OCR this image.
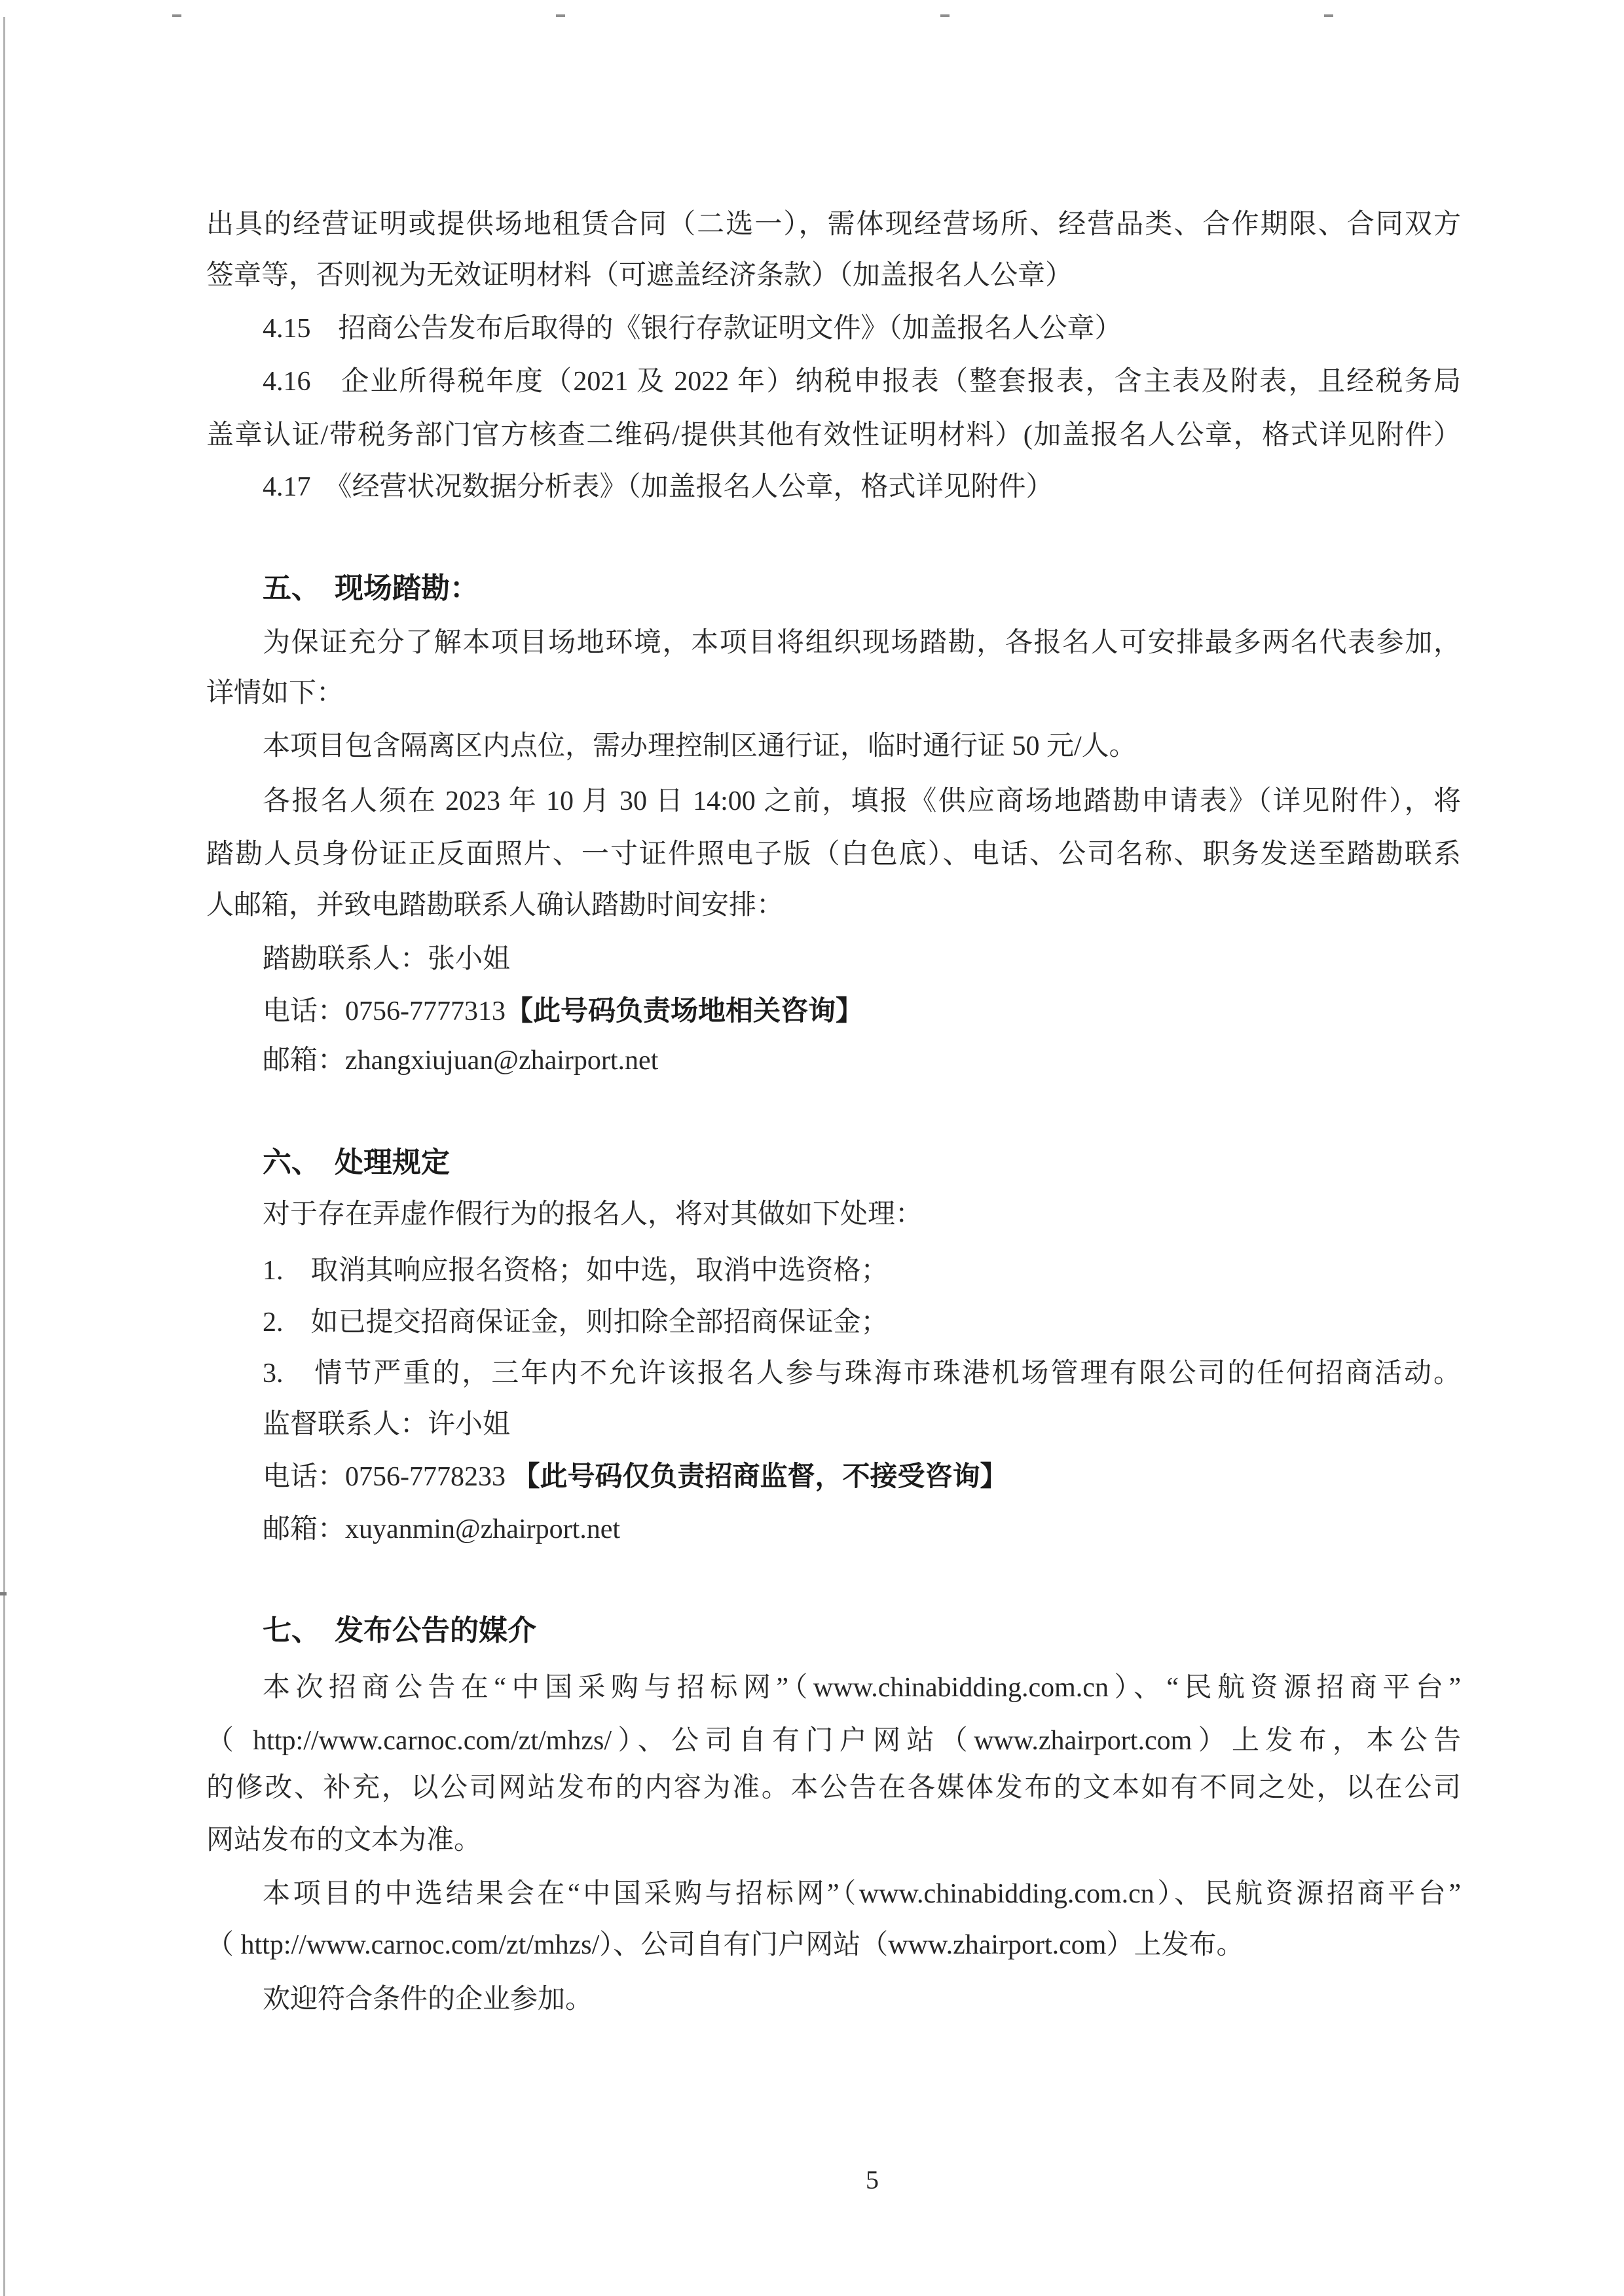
出具的经营证明或提供场地租赁合同（二选一），需体现经营场所、经营品类、合作期限、合同双方
签章等，否则视为无效证明材料（可遮盖经济条款）（加盖报名人公章）
4.15　招商公告发布后取得的《银行存款证明文件》（加盖报名人公章）
4.16　企业所得税年度（2021 及 2022 年）纳税申报表（整套报表，含主表及附表，且经税务局
盖章认证/带税务部门官方核查二维码/提供其他有效性证明材料）(加盖报名人公章，格式详见附件）
4.17　《经营状况数据分析表》（加盖报名人公章，格式详见附件）
五、　现场踏勘：
为保证充分了解本项目场地环境，本项目将组织现场踏勘，各报名人可安排最多两名代表参加，
详情如下：
本项目包含隔离区内点位，需办理控制区通行证，临时通行证 50 元/人。
各报名人须在 2023 年 10 月 30 日 14:00 之前，填报《供应商场地踏勘申请表》（详见附件），将
踏勘人员身份证正反面照片、一寸证件照电子版（白色底）、电话、公司名称、职务发送至踏勘联系
人邮箱，并致电踏勘联系人确认踏勘时间安排：
踏勘联系人：张小姐
电话：0756-7777313【此号码负责场地相关咨询】
邮箱：zhangxiujuan@zhairport.net
六、　处理规定
对于存在弄虚作假行为的报名人，将对其做如下处理：
1.　取消其响应报名资格；如中选，取消中选资格；
2.　如已提交招商保证金，则扣除全部招商保证金；
3.　情节严重的，三年内不允许该报名人参与珠海市珠港机场管理有限公司的任何招商活动。
监督联系人：许小姐
电话：0756-7778233 【此号码仅负责招商监督，不接受咨询】
邮箱：xuyanmin@zhairport.net
七、　发布公告的媒介
本次招商公告在“中国采购与招标网”（www.chinabidding.com.cn）、“民航资源招商平台”
（ http://www.carnoc.com/zt/mhzs/）、公司自有门户网站（www.zhairport.com）上发布，本公告
的修改、补充，以公司网站发布的内容为准。本公告在各媒体发布的文本如有不同之处，以在公司
网站发布的文本为准。
本项目的中选结果会在“中国采购与招标网”（www.chinabidding.com.cn）、民航资源招商平台”
（ http://www.carnoc.com/zt/mhzs/）、公司自有门户网站（www.zhairport.com）上发布。
欢迎符合条件的企业参加。
5
